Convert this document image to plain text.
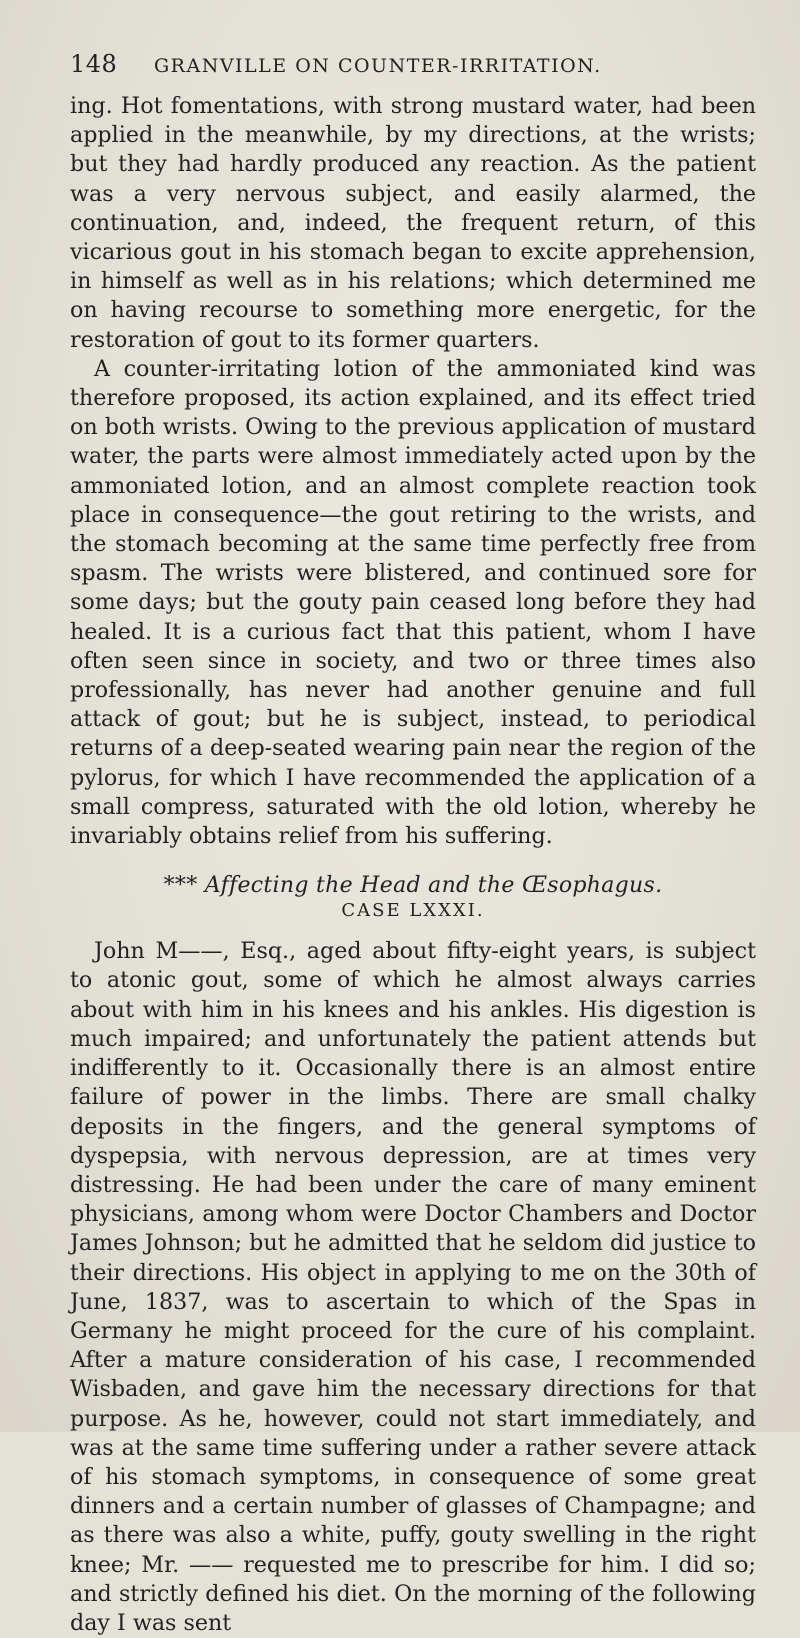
148	GRANVILLE ON COUNTER-IRRITATION.

ing. Hot fomentations, with strong mustard water, had been applied in the meanwhile, by my directions, at the wrists; but they had hardly produced any reaction. As the patient was a very nervous subject, and easily alarmed, the continuation, and, indeed, the frequent return, of this vicarious gout in his stomach began to excite apprehension, in himself as well as in his relations; which determined me on having recourse to something more energetic, for the restoration of gout to its former quarters.

A counter-irritating lotion of the ammoniated kind was therefore proposed, its action explained, and its effect tried on both wrists. Owing to the previous application of mustard water, the parts were almost immediately acted upon by the ammoniated lotion, and an almost complete reaction took place in consequence—the gout retiring to the wrists, and the stomach becoming at the same time perfectly free from spasm. The wrists were blistered, and continued sore for some days; but the gouty pain ceased long before they had healed. It is a curious fact that this patient, whom I have often seen since in society, and two or three times also professionally, has never had another genuine and full attack of gout; but he is subject, instead, to periodical returns of a deep-seated wearing pain near the region of the pylorus, for which I have recommended the application of a small compress, saturated with the old lotion, whereby he invariably obtains relief from his suffering.

*** Affecting the Head and the Œsophagus.
CASE LXXXI.

John M——, Esq., aged about fifty-eight years, is subject to atonic gout, some of which he almost always carries about with him in his knees and his ankles. His digestion is much impaired; and unfortunately the patient attends but indifferently to it. Occasionally there is an almost entire failure of power in the limbs. There are small chalky deposits in the fingers, and the general symptoms of dyspepsia, with nervous depression, are at times very distressing. He had been under the care of many eminent physicians, among whom were Doctor Chambers and Doctor James Johnson; but he admitted that he seldom did justice to their directions. His object in applying to me on the 30th of June, 1837, was to ascertain to which of the Spas in Germany he might proceed for the cure of his complaint. After a mature consideration of his case, I recommended Wisbaden, and gave him the necessary directions for that purpose. As he, however, could not start immediately, and was at the same time suffering under a rather severe attack of his stomach symptoms, in consequence of some great dinners and a certain number of glasses of Champagne; and as there was also a white, puffy, gouty swelling in the right knee; Mr. —— requested me to prescribe for him. I did so; and strictly defined his diet. On the morning of the following day I was sent
